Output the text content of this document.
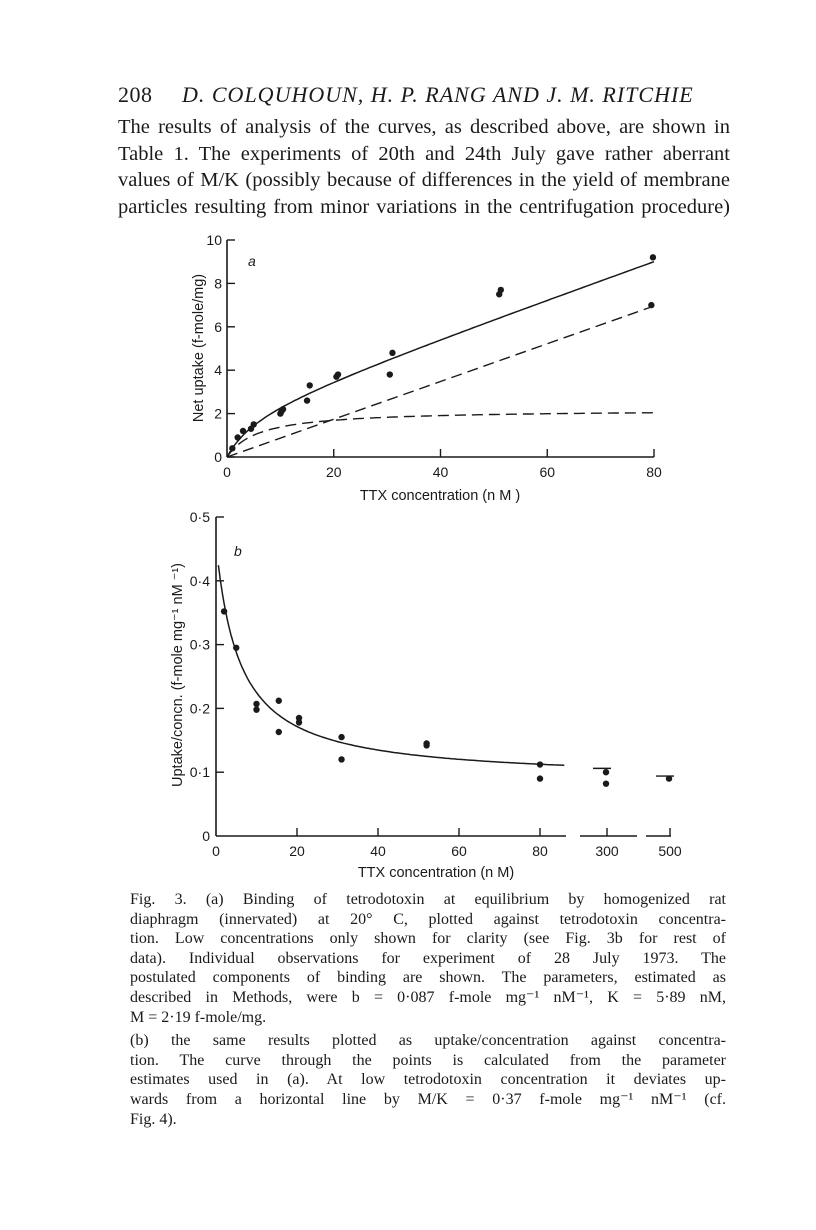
208 D. COLQUHOUN, H. P. RANG AND J. M. RITCHIE
The results of analysis of the curves, as described above, are shown in
Table 1. The experiments of 20th and 24th July gave rather aberrant
values of M/K (possibly because of differences in the yield of membrane
particles resulting from minor variations in the centrifugation procedure)
a
Net uptake (f-mole/mg)
TTX concentration (n M )
0
2
4
6
8
10
0	20	40	60	80
b
Uptake/concn. (f-mole mg⁻¹ nM ⁻¹)
TTX concentration (n M)
0
0·1
0·2
0·3
0·4
0·5
0	20	40	60	80	300	500

Fig. 3. (a) Binding of tetrodotoxin at equilibrium by homogenized rat
diaphragm (innervated) at 20° C, plotted against tetrodotoxin concentra-
tion. Low concentrations only shown for clarity (see Fig. 3b for rest of
data). Individual observations for experiment of 28 July 1973. The
postulated components of binding are shown. The parameters, estimated as
described in Methods, were b = 0·087 f-mole mg⁻¹ nM⁻¹, K = 5·89 nM,
M = 2·19 f-mole/mg.

(b) the same results plotted as uptake/concentration against concentra-
tion. The curve through the points is calculated from the parameter
estimates used in (a). At low tetrodotoxin concentration it deviates up-
wards from a horizontal line by M/K = 0·37 f-mole mg⁻¹ nM⁻¹ (cf.
Fig. 4).
